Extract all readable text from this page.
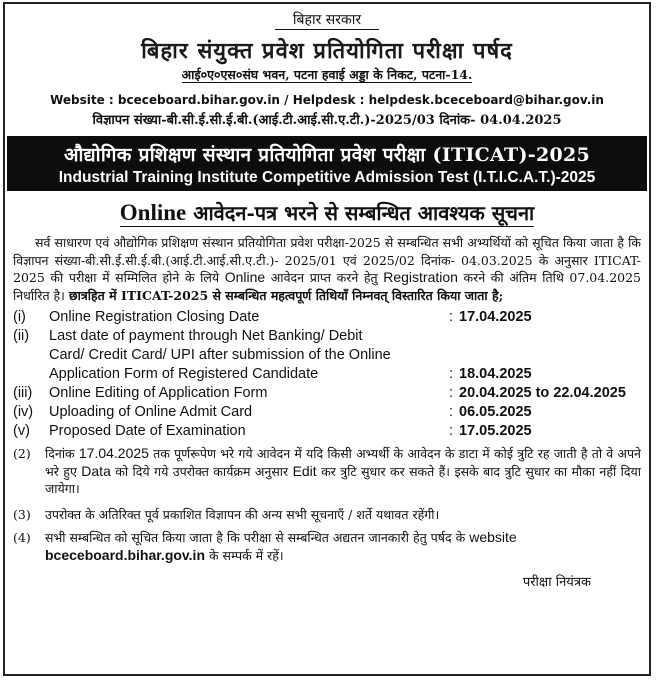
बिहार सरकार
बिहार संयुक्त प्रवेश प्रतियोगिता परीक्षा पर्षद
आई०ए०एस०संघ भवन, पटना हवाई अड्डा के निकट, पटना-14.
Website : bceceboard.bihar.gov.in / Helpdesk : helpdesk.bceceboard@bihar.gov.in
विज्ञापन संख्या-बी.सी.ई.सी.ई.बी.(आई.टी.आई.सी.ए.टी.)-2025/03 दिनांक- 04.04.2025
औद्योगिक प्रशिक्षण संस्थान प्रतियोगिता प्रवेश परीक्षा (ITICAT)-2025
Industrial Training Institute Competitive Admission Test (I.T.I.C.A.T.)-2025
Online आवेदन-पत्र भरने से सम्बन्धित आवश्यक सूचना
सर्व साधारण एवं औद्योगिक प्रशिक्षण संस्थान प्रतियोगिता प्रवेश परीक्षा-2025 से सम्बन्धित सभी अभ्यर्थियों को सूचित किया जाता है कि विज्ञापन संख्या-बी.सी.ई.सी.ई.बी.(आई.टी.आई.सी.ए.टी.)- 2025/01 एवं 2025/02 दिनांक- 04.03.2025 के अनुसार ITICAT-2025 की परीक्षा में सम्मिलित होने के लिये Online आवेदन प्राप्त करने हेतु Registration करने की अंतिम तिथि 07.04.2025 निर्धारित है। छात्रहित में ITICAT-2025 से सम्बन्धित महत्वपूर्ण तिथियाँ निम्नवत् विस्तारित किया जाता है;
(i)	Online Registration Closing Date	: 17.04.2025
(ii)	Last date of payment through Net Banking/ Debit
Card/ Credit Card/ UPI after submission of the Online
Application Form of Registered Candidate	: 18.04.2025
(iii)	Online Editing of Application Form	: 20.04.2025 to 22.04.2025
(iv)	Uploading of Online Admit Card	: 06.05.2025
(v)	Proposed Date of Examination	: 17.05.2025
(2)	दिनांक 17.04.2025 तक पूर्णरूपेण भरे गये आवेदन में यदि किसी अभ्यर्थी के आवेदन के डाटा में कोई त्रुटि रह जाती है तो वे अपने भरे हुए Data को दिये गये उपरोक्त कार्यक्रम अनुसार Edit कर त्रुटि सुधार कर सकते हैं। इसके बाद त्रुटि सुधार का मौका नहीं दिया जायेगा।
(3)	उपरोक्त के अतिरिक्त पूर्व प्रकाशित विज्ञापन की अन्य सभी सूचनाएँ / शर्ते यथावत रहेंगी।
(4)	सभी सम्बन्धित को सूचित किया जाता है कि परीक्षा से सम्बन्धित अद्यतन जानकारी हेतु पर्षद के website
bceceboard.bihar.gov.in के सम्पर्क में रहें।
परीक्षा नियंत्रक
